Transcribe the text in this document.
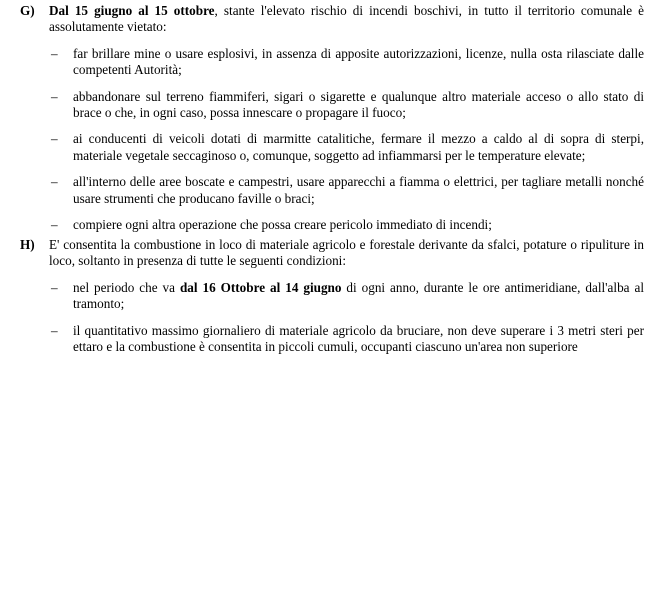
G) Dal 15 giugno al 15 ottobre, stante l'elevato rischio di incendi boschivi, in tutto il territorio comunale è assolutamente vietato:
– far brillare mine o usare esplosivi, in assenza di apposite autorizzazioni, licenze, nulla osta rilasciate dalle competenti Autorità;
– abbandonare sul terreno fiammiferi, sigari o sigarette e qualunque altro materiale acceso o allo stato di brace o che, in ogni caso, possa innescare o propagare il fuoco;
– ai conducenti di veicoli dotati di marmitte catalitiche, fermare il mezzo a caldo al di sopra di sterpi, materiale vegetale seccaginoso o, comunque, soggetto ad infiammarsi per le temperature elevate;
– all'interno delle aree boscate e campestri, usare apparecchi a fiamma o elettrici, per tagliare metalli nonché usare strumenti che producano faville o braci;
– compiere ogni altra operazione che possa creare pericolo immediato di incendi;
H) E' consentita la combustione in loco di materiale agricolo e forestale derivante da sfalci, potature o ripuliture in loco, soltanto in presenza di tutte le seguenti condizioni:
– nel periodo che va dal 16 Ottobre al 14 giugno di ogni anno, durante le ore antimeridiane, dall'alba al tramonto;
– il quantitativo massimo giornaliero di materiale agricolo da bruciare, non deve superare i 3 metri steri per ettaro e la combustione è consentita in piccoli cumuli, occupanti ciascuno un'area non superiore
